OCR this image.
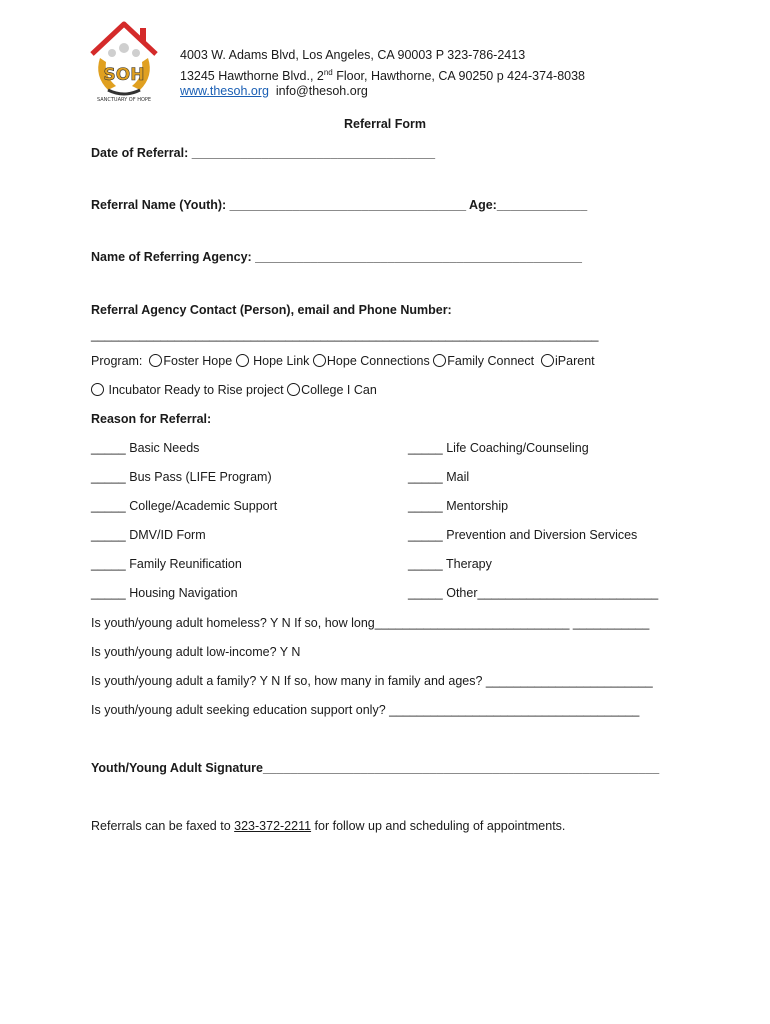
SOH
SANCTUARY OF HOPE
4003 W. Adams Blvd, Los Angeles, CA 90003 P 323-786-2413
13245 Hawthorne Blvd., 2nd Floor, Hawthorne, CA 90250 p 424-374-8038
www.thesoh.org info@thesoh.org
Referral Form
Date of Referral: ___________________________________
Referral Name (Youth): __________________________________ Age:_____________
Name of Referring Agency: _______________________________________________
Referral Agency Contact (Person), email and Phone Number:
_________________________________________________________________________
Program: Foster Hope Hope Link Hope Connections Family Connect iParent
Incubator Ready to Rise project College I Can
Reason for Referral:
_____ Basic Needs
_____ Bus Pass (LIFE Program)
_____ College/Academic Support
_____ DMV/ID Form
_____ Family Reunification
_____ Housing Navigation
_____ Life Coaching/Counseling
_____ Mail
_____ Mentorship
_____ Prevention and Diversion Services
_____ Therapy
_____ Other__________________________
Is youth/young adult homeless? Y N If so, how long____________________________ ___________
Is youth/young adult low-income? Y N
Is youth/young adult a family? Y N If so, how many in family and ages? ________________________
Is youth/young adult seeking education support only? ____________________________________
Youth/Young Adult Signature_________________________________________________________
Referrals can be faxed to 323-372-2211 for follow up and scheduling of appointments.
